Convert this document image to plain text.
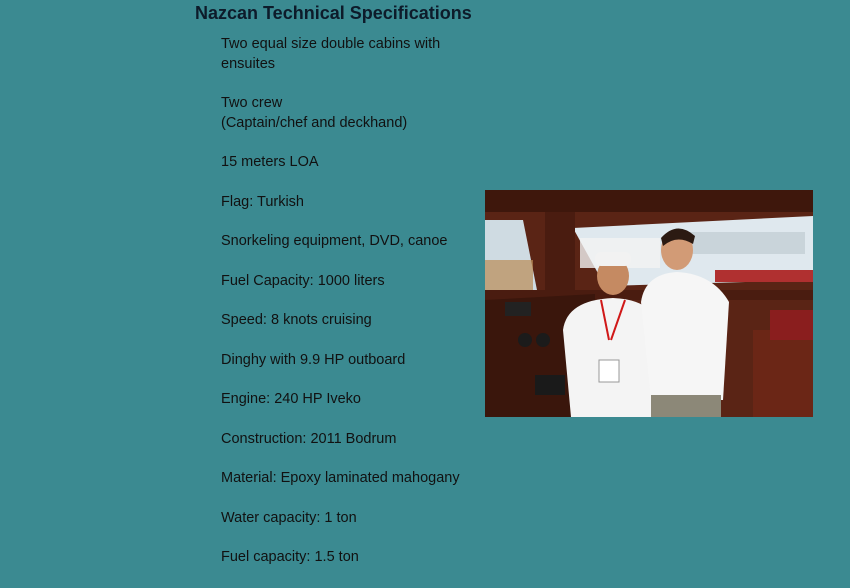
Nazcan Technical Specifications
Two equal size double cabins with
ensuites
Two crew
(Captain/chef and deckhand)
15 meters LOA
Flag: Turkish
Snorkeling equipment, DVD, canoe
Fuel Capacity: 1000 liters
Speed: 8 knots cruising
Dinghy with 9.9 HP outboard
Engine: 240 HP Iveko
Construction: 2011 Bodrum
Material: Epoxy laminated mahogany
Water capacity: 1 ton
Fuel capacity: 1.5 ton
